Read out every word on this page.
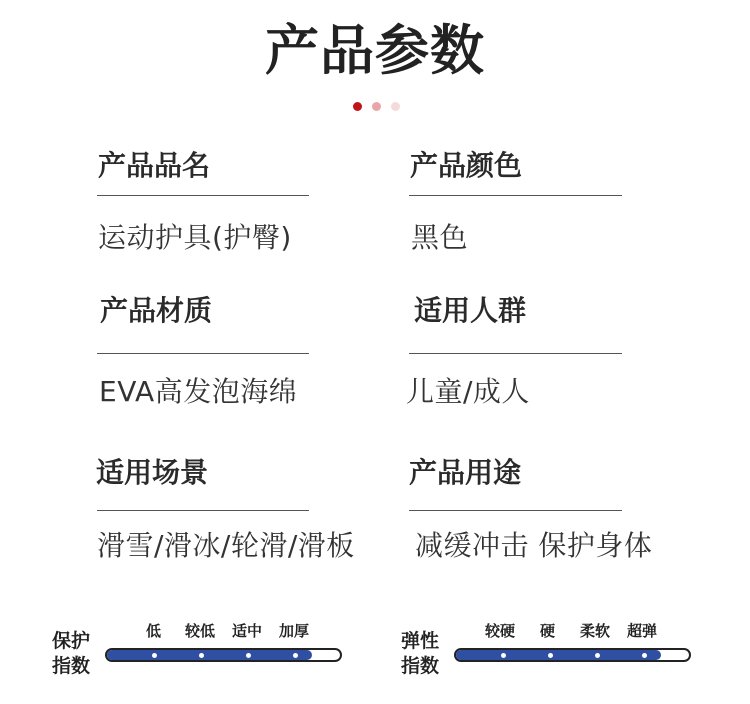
产品参数
产品品名
运动护具(护臀)
产品颜色
黑色
产品材质
EVA高发泡海绵
适用人群
儿童/成人
适用场景
滑雪/滑冰/轮滑/滑板
产品用途
减缓冲击 保护身体
保护
指数
低 较低 适中 加厚	弹性
指数
较硬 硬 柔软 超弹
